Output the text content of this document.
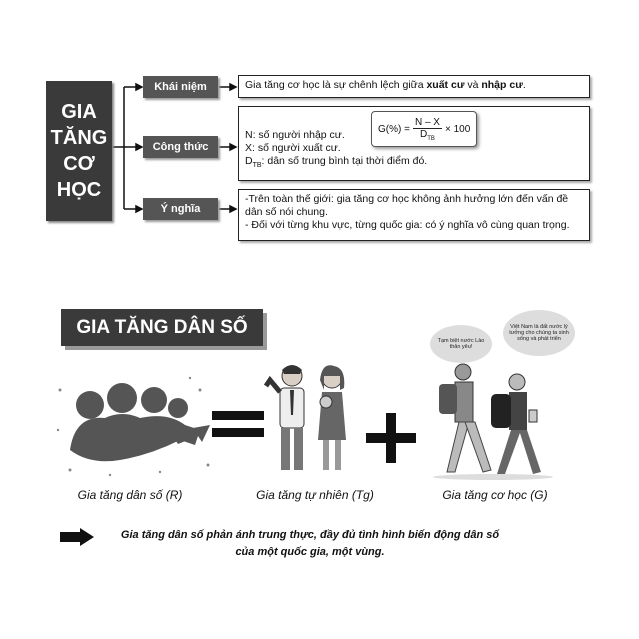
GIA
TĂNG
CƠ
HỌC
Khái niệm
Công thức
Ý nghĩa
Gia tăng cơ học là sự chênh lệch giữa xuất cư và nhập cư.
N: số người nhập cư.
X: số người xuất cư.
$D_{TB}$: dân số trung bình tại thời điểm đó.
$G(\%) = \frac{N - X}{D_{TB}} \times 100$
-Trên toàn thế giới: gia tăng cơ học không ảnh hưởng lớn đến vấn đề dân số nói chung.
- Đối với từng khu vực, từng quốc gia: có ý nghĩa vô cùng quan trọng.
GIA TĂNG DÂN SỐ
Tạm biệt nước Lào thân yêu!
Việt Nam là đất nước lý tưởng cho chúng ta sinh sống và phát triển
Gia tăng dân số (R)	Gia tăng tự nhiên (Tg)	Gia tăng cơ học (G)
Gia tăng dân số phản ánh trung thực, đầy đủ tình hình biến động dân số
của một quốc gia, một vùng.
